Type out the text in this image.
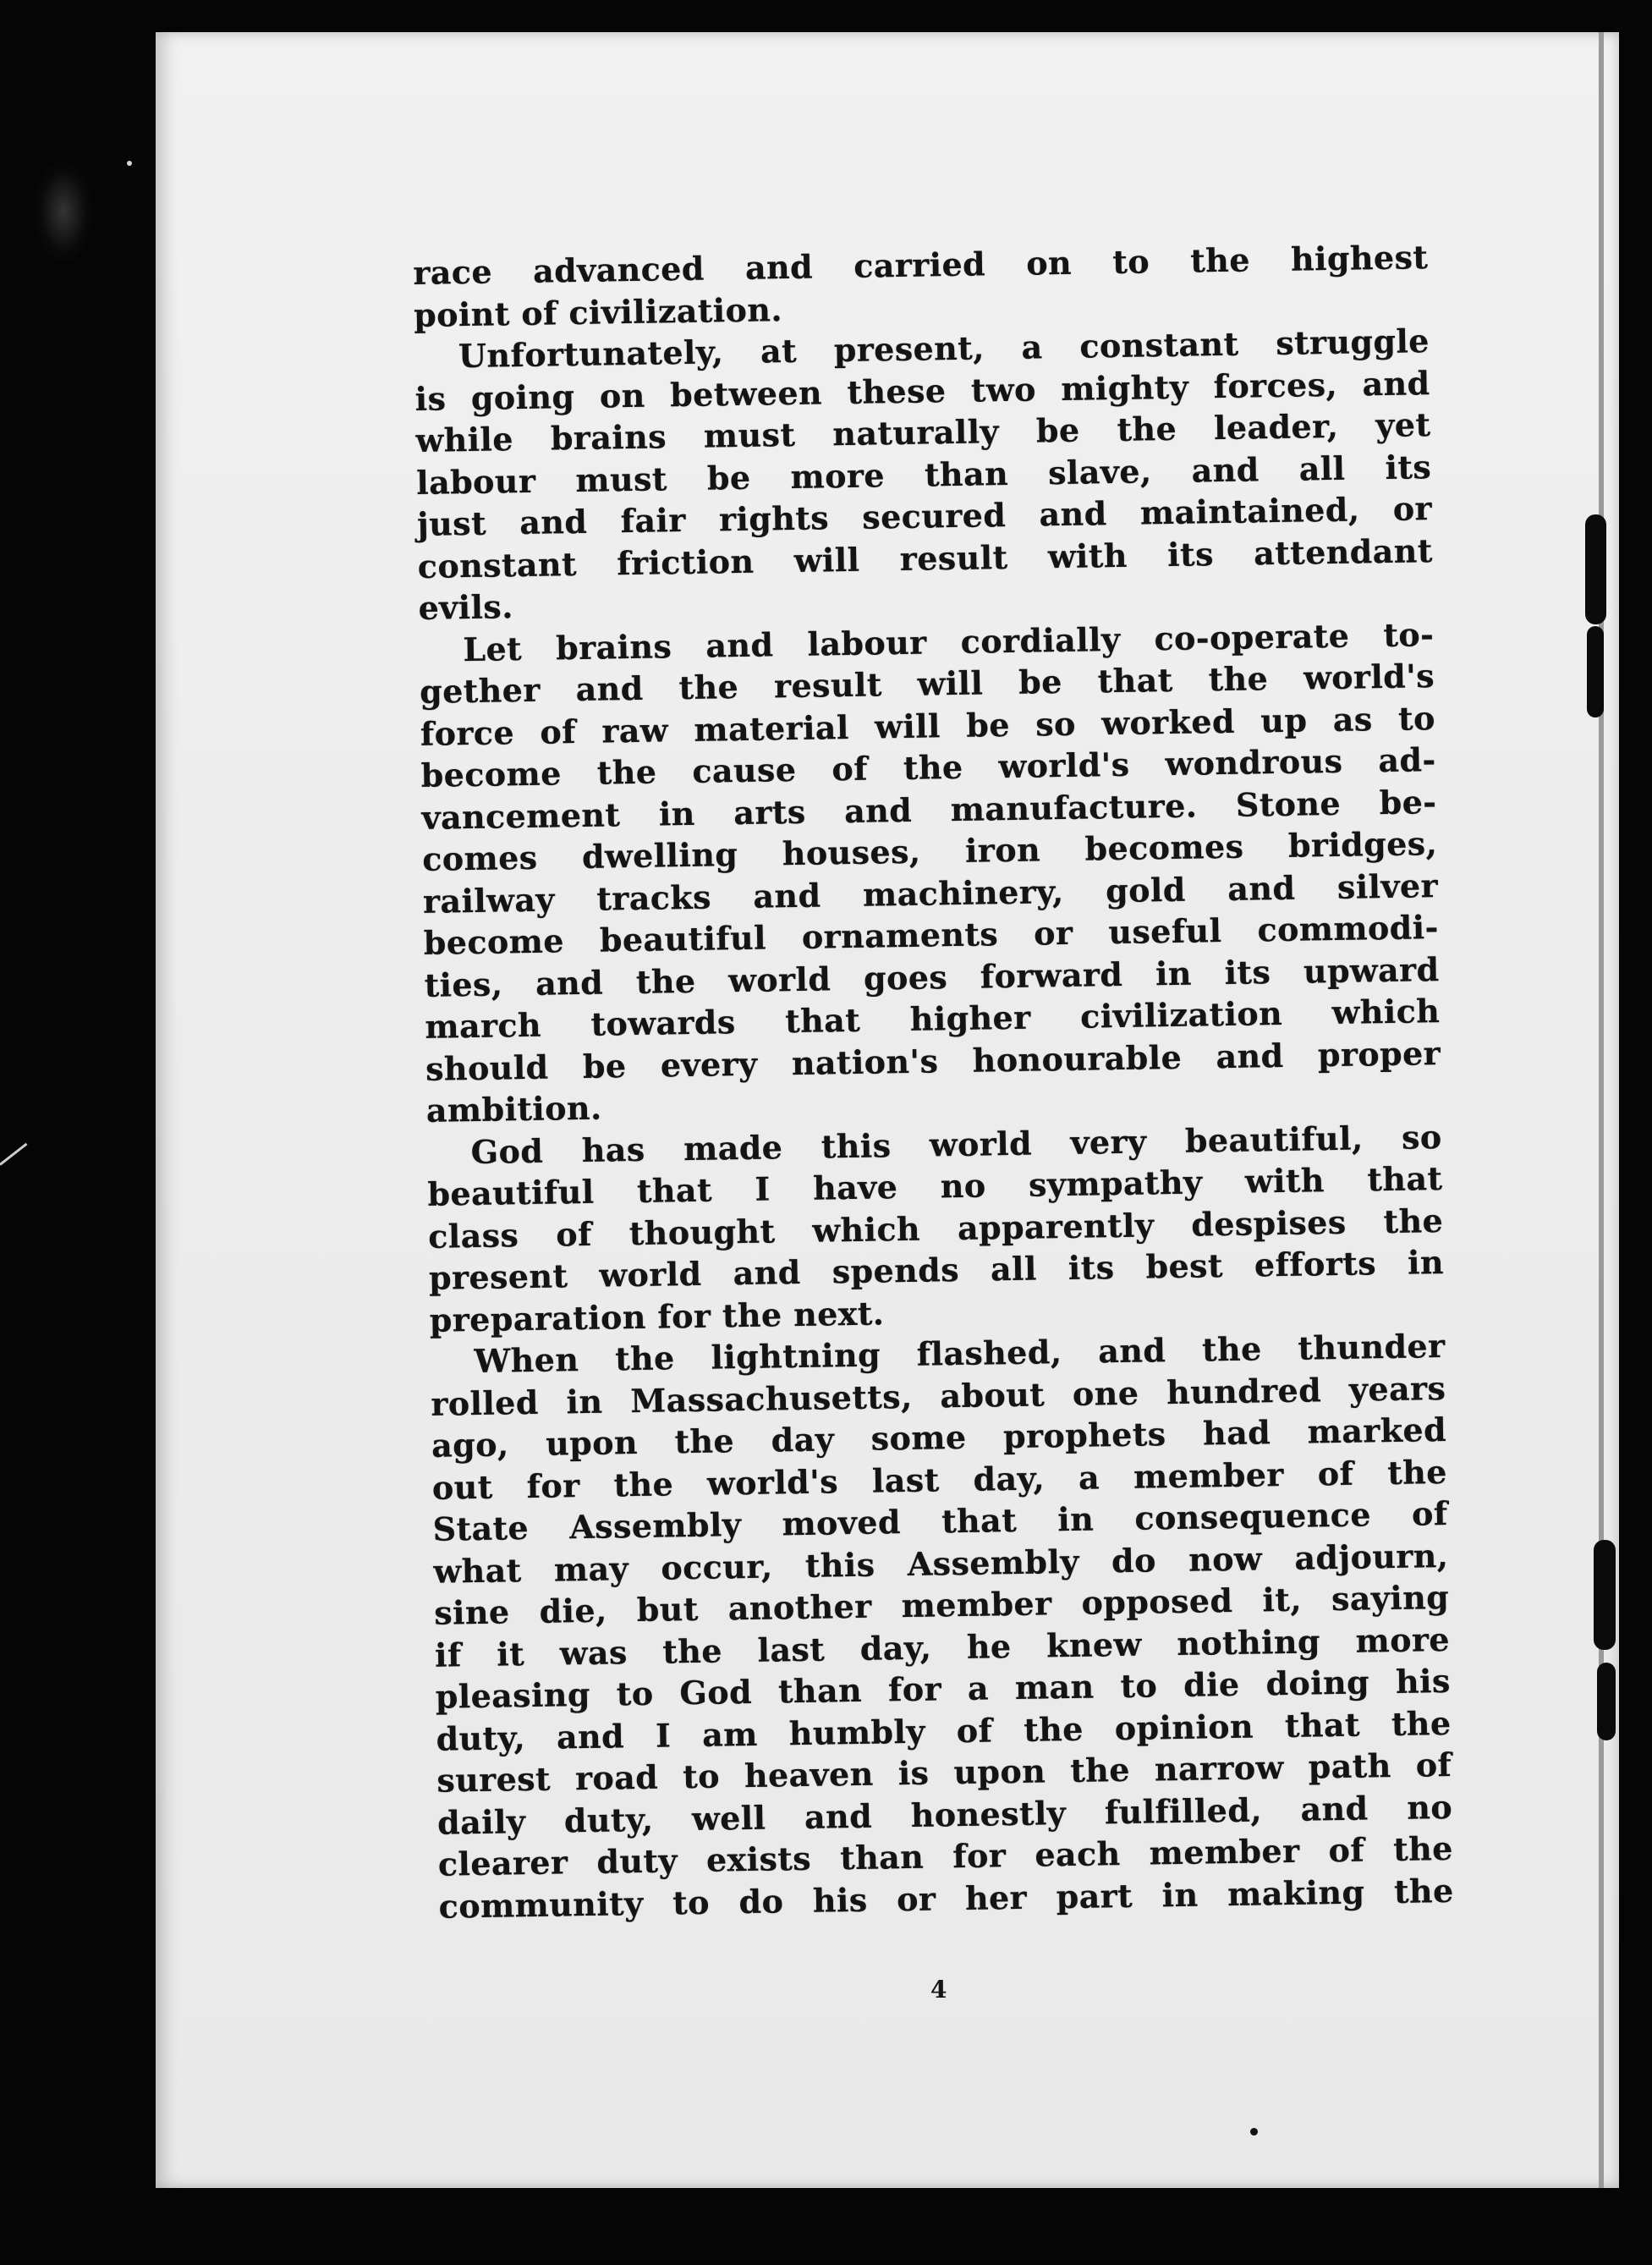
race advanced and carried on to the highest
point of civilization.
Unfortunately, at present, a constant struggle
is going on between these two mighty forces, and
while brains must naturally be the leader, yet
labour must be more than slave, and all its
just and fair rights secured and maintained, or
constant friction will result with its attendant
evils.
Let brains and labour cordially co-operate to-
gether and the result will be that the world's
force of raw material will be so worked up as to
become the cause of the world's wondrous ad-
vancement in arts and manufacture. Stone be-
comes dwelling houses, iron becomes bridges,
railway tracks and machinery, gold and silver
become beautiful ornaments or useful commodi-
ties, and the world goes forward in its upward
march towards that higher civilization which
should be every nation's honourable and proper
ambition.
God has made this world very beautiful, so
beautiful that I have no sympathy with that
class of thought which apparently despises the
present world and spends all its best efforts in
preparation for the next.
When the lightning flashed, and the thunder
rolled in Massachusetts, about one hundred years
ago, upon the day some prophets had marked
out for the world's last day, a member of the
State Assembly moved that in consequence of
what may occur, this Assembly do now adjourn,
sine die, but another member opposed it, saying
if it was the last day, he knew nothing more
pleasing to God than for a man to die doing his
duty, and I am humbly of the opinion that the
surest road to heaven is upon the narrow path of
daily duty, well and honestly fulfilled, and no
clearer duty exists than for each member of the
community to do his or her part in making the
4
